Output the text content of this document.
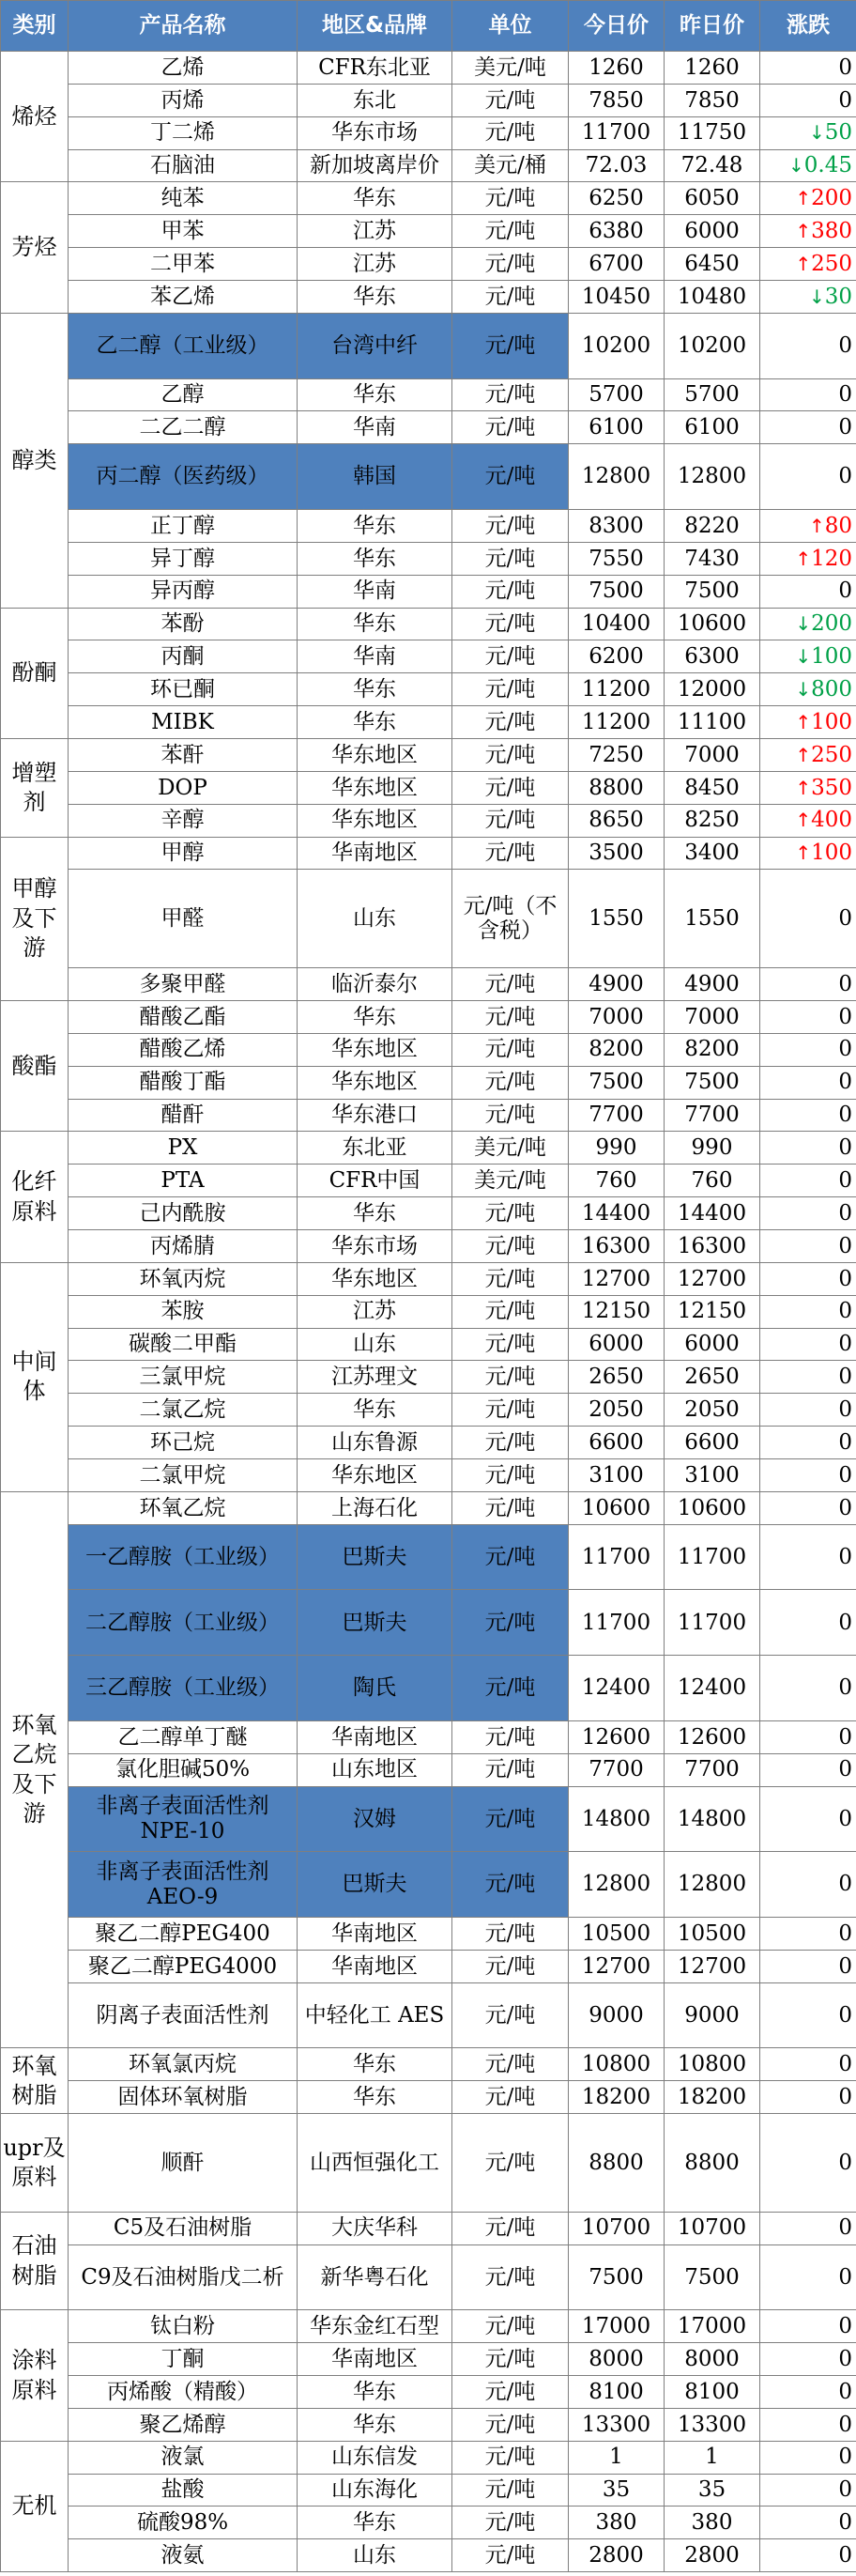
类别	产品名称	地区&品牌	单位	今日价	昨日价	涨跌
烯烃	乙烯	CFR东北亚	美元/吨	1260	1260	0
	丙烯	东北	元/吨	7850	7850	0
	丁二烯	华东市场	元/吨	11700	11750	↓50
	石脑油	新加坡离岸价	美元/桶	72.03	72.48	↓0.45
芳烃	纯苯	华东	元/吨	6250	6050	↑200
	甲苯	江苏	元/吨	6380	6000	↑380
	二甲苯	江苏	元/吨	6700	6450	↑250
	苯乙烯	华东	元/吨	10450	10480	↓30
醇类	乙二醇（工业级）	台湾中纤	元/吨	10200	10200	0
	乙醇	华东	元/吨	5700	5700	0
	二乙二醇	华南	元/吨	6100	6100	0
	丙二醇（医药级）	韩国	元/吨	12800	12800	0
	正丁醇	华东	元/吨	8300	8220	↑80
	异丁醇	华东	元/吨	7550	7430	↑120
	异丙醇	华南	元/吨	7500	7500	0
酚酮	苯酚	华东	元/吨	10400	10600	↓200
	丙酮	华南	元/吨	6200	6300	↓100
	环已酮	华东	元/吨	11200	12000	↓800
	MIBK	华东	元/吨	11200	11100	↑100
增塑剂	苯酐	华东地区	元/吨	7250	7000	↑250
	DOP	华东地区	元/吨	8800	8450	↑350
	辛醇	华东地区	元/吨	8650	8250	↑400
甲醇及下游	甲醇	华南地区	元/吨	3500	3400	↑100
	甲醛	山东	元/吨（不含税）	1550	1550	0
	多聚甲醛	临沂泰尔	元/吨	4900	4900	0
酸酯	醋酸乙酯	华东	元/吨	7000	7000	0
	醋酸乙烯	华东地区	元/吨	8200	8200	0
	醋酸丁酯	华东地区	元/吨	7500	7500	0
	醋酐	华东港口	元/吨	7700	7700	0
化纤原料	PX	东北亚	美元/吨	990	990	0
	PTA	CFR中国	美元/吨	760	760	0
	己内酰胺	华东	元/吨	14400	14400	0
	丙烯腈	华东市场	元/吨	16300	16300	0
中间体	环氧丙烷	华东地区	元/吨	12700	12700	0
	苯胺	江苏	元/吨	12150	12150	0
	碳酸二甲酯	山东	元/吨	6000	6000	0
	三氯甲烷	江苏理文	元/吨	2650	2650	0
	二氯乙烷	华东	元/吨	2050	2050	0
	环己烷	山东鲁源	元/吨	6600	6600	0
	二氯甲烷	华东地区	元/吨	3100	3100	0
环氧乙烷及下游	环氧乙烷	上海石化	元/吨	10600	10600	0
	一乙醇胺（工业级）	巴斯夫	元/吨	11700	11700	0
	二乙醇胺（工业级）	巴斯夫	元/吨	11700	11700	0
	三乙醇胺（工业级）	陶氏	元/吨	12400	12400	0
	乙二醇单丁醚	华南地区	元/吨	12600	12600	0
	氯化胆碱50%	山东地区	元/吨	7700	7700	0
	非离子表面活性剂NPE-10	汉姆	元/吨	14800	14800	0
	非离子表面活性剂AEO-9	巴斯夫	元/吨	12800	12800	0
	聚乙二醇PEG400	华南地区	元/吨	10500	10500	0
	聚乙二醇PEG4000	华南地区	元/吨	12700	12700	0
	阴离子表面活性剂	中轻化工 AES	元/吨	9000	9000	0
环氧树脂	环氧氯丙烷	华东	元/吨	10800	10800	0
	固体环氧树脂	华东	元/吨	18200	18200	0
upr及原料	顺酐	山西恒强化工	元/吨	8800	8800	0
石油树脂	C5及石油树脂	大庆华科	元/吨	10700	10700	0
	C9及石油树脂戊二析	新华粤石化	元/吨	7500	7500	0
涂料原料	钛白粉	华东金红石型	元/吨	17000	17000	0
	丁酮	华南地区	元/吨	8000	8000	0
	丙烯酸（精酸）	华东	元/吨	8100	8100	0
	聚乙烯醇	华东	元/吨	13300	13300	0
无机	液氯	山东信发	元/吨	1	1	0
	盐酸	山东海化	元/吨	35	35	0
	硫酸98%	华东	元/吨	380	380	0
	液氨	山东	元/吨	2800	2800	0
